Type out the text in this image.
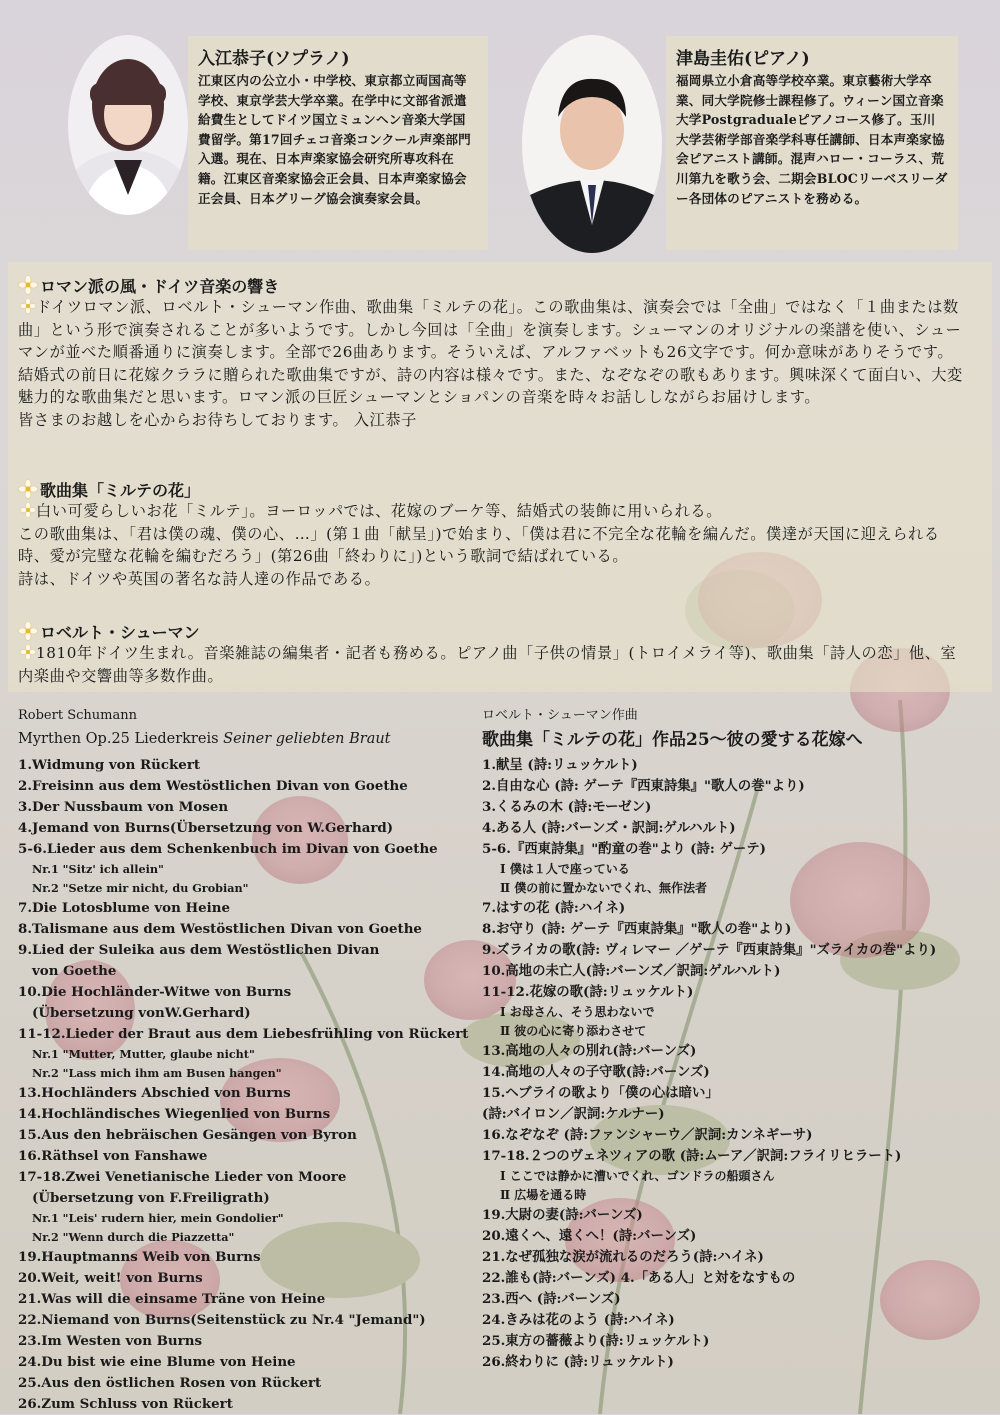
入江恭子(ソプラノ)
江東区内の公立小・中学校、東京都立両国高等学校、東京学芸大学卒業。在学中に文部省派遣給費生としてドイツ国立ミュンヘン音楽大学国費留学。第17回チェコ音楽コンクール声楽部門入選。現在、日本声楽家協会研究所専攻科在籍。江東区音楽家協会正会員、日本声楽家協会正会員、日本グリーグ協会演奏家会員。
津島圭佑(ピアノ)
福岡県立小倉高等学校卒業。東京藝術大学卒業、同大学院修士課程修了。ウィーン国立音楽大学Postgradualeピアノコース修了。玉川大学芸術学部音楽学科専任講師、日本声楽家協会ピアニスト講師。混声ハロー・コーラス、荒川第九を歌う会、二期会BLOCリーベスリーダー各団体のピアニストを務める。
ロマン派の風・ドイツ音楽の響き
ドイツロマン派、ロベルト・シューマン作曲、歌曲集「ミルテの花」。この歌曲集は、演奏会では「全曲」ではなく「１曲または数曲」という形で演奏されることが多いようです。しかし今回は「全曲」を演奏します。シューマンのオリジナルの楽譜を使い、シューマンが並べた順番通りに演奏します。全部で26曲あります。そういえば、アルファベットも26文字です。何か意味がありそうです。結婚式の前日に花嫁クララに贈られた歌曲集ですが、詩の内容は様々です。また、なぞなぞの歌もあります。興味深くて面白い、大変魅力的な歌曲集だと思います。ロマン派の巨匠シューマンとショパンの音楽を時々お話ししながらお届けします。
皆さまのお越しを心からお待ちしております。 入江恭子
歌曲集「ミルテの花」
白い可愛らしいお花「ミルテ」。ヨーロッパでは、花嫁のブーケ等、結婚式の装飾に用いられる。
この歌曲集は、「君は僕の魂、僕の心、…」(第１曲「献呈」)で始まり、「僕は君に不完全な花輪を編んだ。僕達が天国に迎えられる時、愛が完璧な花輪を編むだろう」(第26曲「終わりに」)という歌詞で結ばれている。
詩は、ドイツや英国の著名な詩人達の作品である。
ロベルト・シューマン
1810年ドイツ生まれ。音楽雑誌の編集者・記者も務める。ピアノ曲「子供の情景」(トロイメライ等)、歌曲集「詩人の恋」他、室内楽曲や交響曲等多数作曲。
Robert Schumann
Myrthen Op.25 Liederkreis Seiner geliebten Braut
1.Widmung von Rückert
2.Freisinn aus dem Westöstlichen Divan von Goethe
3.Der Nussbaum von Mosen
4.Jemand von Burns(Übersetzung von W.Gerhard)
5-6.Lieder aus dem Schenkenbuch im Divan von Goethe
Nr.1 "Sitz' ich allein"
Nr.2 "Setze mir nicht, du Grobian"
7.Die Lotosblume von Heine
8.Talismane aus dem Westöstlichen Divan von Goethe
9.Lied der Suleika aus dem Westöstlichen Divan
von Goethe
10.Die Hochländer-Witwe von Burns
(Übersetzung vonW.Gerhard)
11-12.Lieder der Braut aus dem Liebesfrühling von Rückert
Nr.1 "Mutter, Mutter, glaube nicht"
Nr.2 "Lass mich ihm am Busen hangen"
13.Hochländers Abschied von Burns
14.Hochländisches Wiegenlied von Burns
15.Aus den hebräischen Gesängen von Byron
16.Räthsel von Fanshawe
17-18.Zwei Venetianische Lieder von Moore
(Übersetzung von F.Freiligrath)
Nr.1 "Leis' rudern hier, mein Gondolier"
Nr.2 "Wenn durch die Piazzetta"
19.Hauptmanns Weib von Burns
20.Weit, weit! von Burns
21.Was will die einsame Träne von Heine
22.Niemand von Burns(Seitenstück zu Nr.4 "Jemand")
23.Im Westen von Burns
24.Du bist wie eine Blume von Heine
25.Aus den östlichen Rosen von Rückert
26.Zum Schluss von Rückert
ロベルト・シューマン作曲
歌曲集「ミルテの花」作品25～彼の愛する花嫁へ
1.献呈 (詩:リュッケルト)
2.自由な心 (詩: ゲーテ『西東詩集』"歌人の巻"より)
3.くるみの木 (詩:モーゼン)
4.ある人 (詩:バーンズ・訳詞:ゲルハルト)
5-6.『西東詩集』"酌童の巻"より (詩: ゲーテ)
Ⅰ 僕は１人で座っている
Ⅱ 僕の前に置かないでくれ、無作法者
7.はすの花 (詩:ハイネ)
8.お守り (詩: ゲーテ『西東詩集』"歌人の巻"より)
9.ズライカの歌(詩: ヴィレマー ／ゲーテ『西東詩集』"ズライカの巻"より)
10.高地の未亡人(詩:バーンズ／訳詞:ゲルハルト)
11-12.花嫁の歌(詩:リュッケルト)
Ⅰ お母さん、そう思わないで
Ⅱ 彼の心に寄り添わさせて
13.高地の人々の別れ(詩:バーンズ)
14.高地の人々の子守歌(詩:バーンズ)
15.ヘブライの歌より「僕の心は暗い」
(詩:バイロン／訳詞:ケルナー)
16.なぞなぞ (詩:ファンシャーウ／訳詞:カンネギーサ)
17-18.２つのヴェネツィアの歌 (詩:ムーア／訳詞:フライリヒラート)
Ⅰ ここでは静かに漕いでくれ、ゴンドラの船頭さん
Ⅱ 広場を通る時
19.大尉の妻(詩:バーンズ)
20.遠くへ、遠くへ！(詩:バーンズ)
21.なぜ孤独な涙が流れるのだろう(詩:ハイネ)
22.誰も(詩:バーンズ) 4.「ある人」と対をなすもの
23.西へ (詩:バーンズ)
24.きみは花のよう (詩:ハイネ)
25.東方の薔薇より(詩:リュッケルト)
26.終わりに (詩:リュッケルト)
